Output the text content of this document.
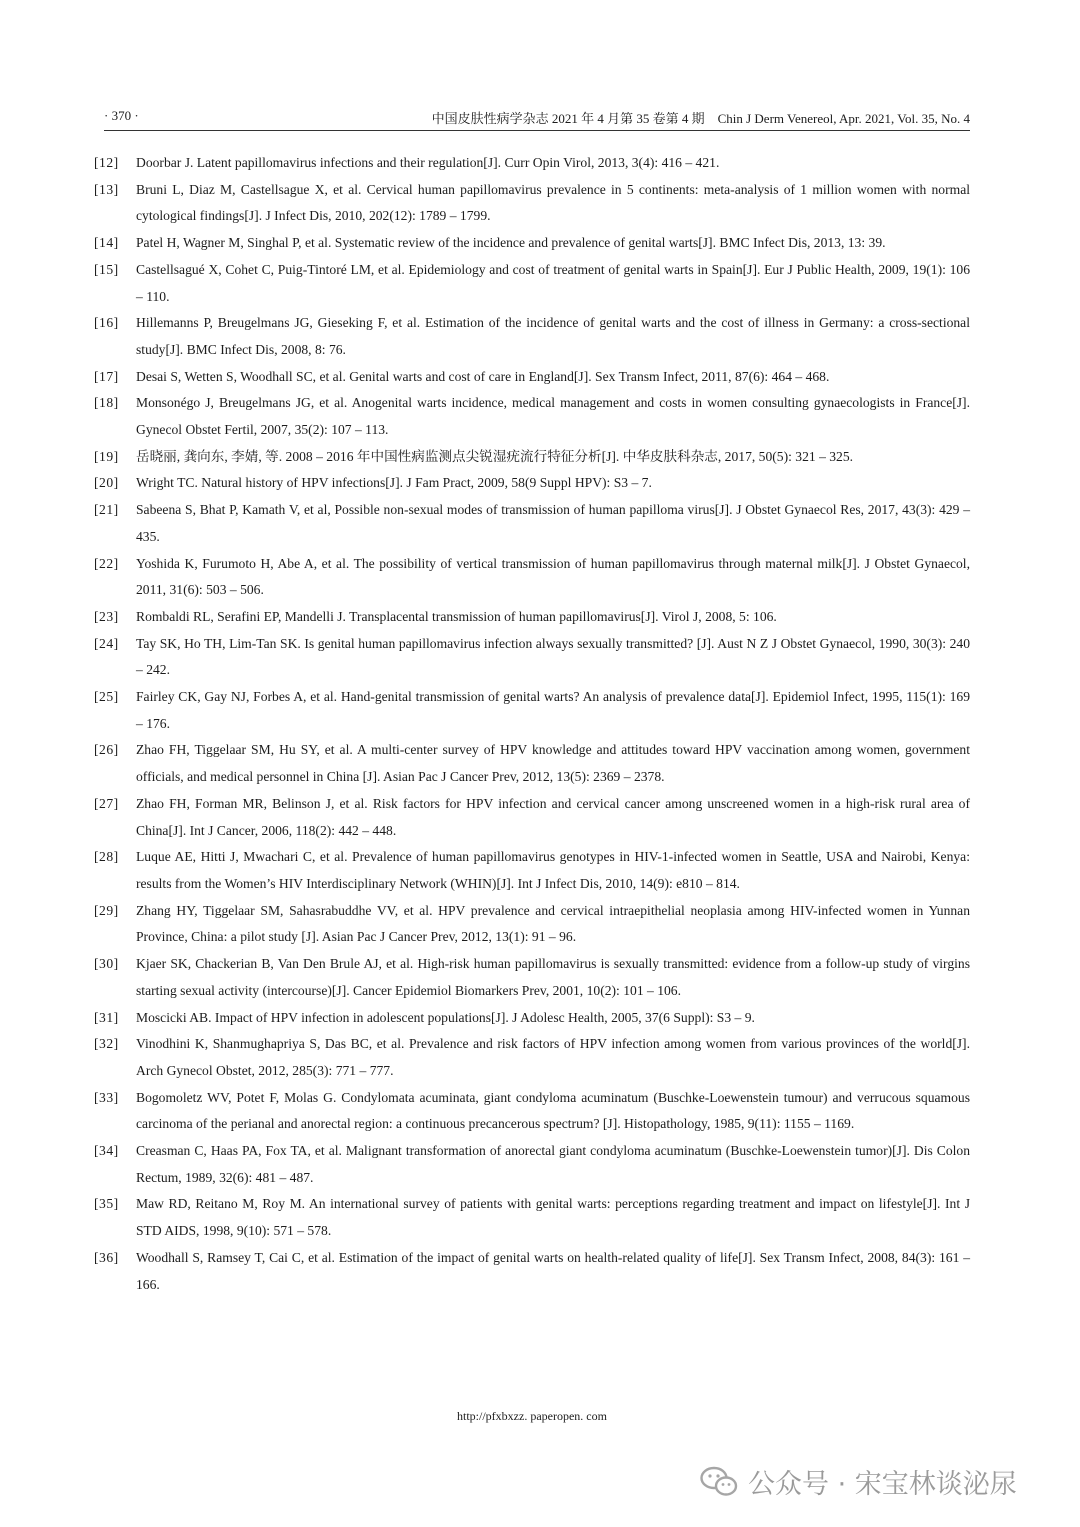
· 370 ·	中国皮肤性病学杂志 2021 年 4 月第 35 卷第 4 期　Chin J Derm Venereol, Apr. 2021, Vol. 35, No. 4
[12]	Doorbar J. Latent papillomavirus infections and their regulation[J]. Curr Opin Virol, 2013, 3(4): 416 – 421.
[13]	Bruni L, Diaz M, Castellsague X, et al. Cervical human papillomavirus prevalence in 5 continents: meta-analysis of 1 million women with normal cytological findings[J]. J Infect Dis, 2010, 202(12): 1789 – 1799.
[14]	Patel H, Wagner M, Singhal P, et al. Systematic review of the incidence and prevalence of genital warts[J]. BMC Infect Dis, 2013, 13: 39.
[15]	Castellsagué X, Cohet C, Puig-Tintoré LM, et al. Epidemiology and cost of treatment of genital warts in Spain[J]. Eur J Public Health, 2009, 19(1): 106 – 110.
[16]	Hillemanns P, Breugelmans JG, Gieseking F, et al. Estimation of the incidence of genital warts and the cost of illness in Germany: a cross-sectional study[J]. BMC Infect Dis, 2008, 8: 76.
[17]	Desai S, Wetten S, Woodhall SC, et al. Genital warts and cost of care in England[J]. Sex Transm Infect, 2011, 87(6): 464 – 468.
[18]	Monsonégo J, Breugelmans JG, et al. Anogenital warts incidence, medical management and costs in women consulting gynaecologists in France[J]. Gynecol Obstet Fertil, 2007, 35(2): 107 – 113.
[19]	岳晓丽, 龚向东, 李婧, 等. 2008 – 2016 年中国性病监测点尖锐湿疣流行特征分析[J]. 中华皮肤科杂志, 2017, 50(5): 321 – 325.
[20]	Wright TC. Natural history of HPV infections[J]. J Fam Pract, 2009, 58(9 Suppl HPV): S3 – 7.
[21]	Sabeena S, Bhat P, Kamath V, et al, Possible non-sexual modes of transmission of human papilloma virus[J]. J Obstet Gynaecol Res, 2017, 43(3): 429 – 435.
[22]	Yoshida K, Furumoto H, Abe A, et al. The possibility of vertical transmission of human papillomavirus through maternal milk[J]. J Obstet Gynaecol, 2011, 31(6): 503 – 506.
[23]	Rombaldi RL, Serafini EP, Mandelli J. Transplacental transmission of human papillomavirus[J]. Virol J, 2008, 5: 106.
[24]	Tay SK, Ho TH, Lim-Tan SK. Is genital human papillomavirus infection always sexually transmitted? [J]. Aust N Z J Obstet Gynaecol, 1990, 30(3): 240 – 242.
[25]	Fairley CK, Gay NJ, Forbes A, et al. Hand-genital transmission of genital warts? An analysis of prevalence data[J]. Epidemiol Infect, 1995, 115(1): 169 – 176.
[26]	Zhao FH, Tiggelaar SM, Hu SY, et al. A multi-center survey of HPV knowledge and attitudes toward HPV vaccination among women, government officials, and medical personnel in China [J]. Asian Pac J Cancer Prev, 2012, 13(5): 2369 – 2378.
[27]	Zhao FH, Forman MR, Belinson J, et al. Risk factors for HPV infection and cervical cancer among unscreened women in a high-risk rural area of China[J]. Int J Cancer, 2006, 118(2): 442 – 448.
[28]	Luque AE, Hitti J, Mwachari C, et al. Prevalence of human papillomavirus genotypes in HIV-1-infected women in Seattle, USA and Nairobi, Kenya: results from the Women’s HIV Interdisciplinary Network (WHIN)[J]. Int J Infect Dis, 2010, 14(9): e810 – 814.
[29]	Zhang HY, Tiggelaar SM, Sahasrabuddhe VV, et al. HPV prevalence and cervical intraepithelial neoplasia among HIV-infected women in Yunnan Province, China: a pilot study [J]. Asian Pac J Cancer Prev, 2012, 13(1): 91 – 96.
[30]	Kjaer SK, Chackerian B, Van Den Brule AJ, et al. High-risk human papillomavirus is sexually transmitted: evidence from a follow-up study of virgins starting sexual activity (intercourse)[J]. Cancer Epidemiol Biomarkers Prev, 2001, 10(2): 101 – 106.
[31]	Moscicki AB. Impact of HPV infection in adolescent populations[J]. J Adolesc Health, 2005, 37(6 Suppl): S3 – 9.
[32]	Vinodhini K, Shanmughapriya S, Das BC, et al. Prevalence and risk factors of HPV infection among women from various provinces of the world[J]. Arch Gynecol Obstet, 2012, 285(3): 771 – 777.
[33]	Bogomoletz WV, Potet F, Molas G. Condylomata acuminata, giant condyloma acuminatum (Buschke-Loewenstein tumour) and verrucous squamous carcinoma of the perianal and anorectal region: a continuous precancerous spectrum? [J]. Histopathology, 1985, 9(11): 1155 – 1169.
[34]	Creasman C, Haas PA, Fox TA, et al. Malignant transformation of anorectal giant condyloma acuminatum (Buschke-Loewenstein tumor)[J]. Dis Colon Rectum, 1989, 32(6): 481 – 487.
[35]	Maw RD, Reitano M, Roy M. An international survey of patients with genital warts: perceptions regarding treatment and impact on lifestyle[J]. Int J STD AIDS, 1998, 9(10): 571 – 578.
[36]	Woodhall S, Ramsey T, Cai C, et al. Estimation of the impact of genital warts on health-related quality of life[J]. Sex Transm Infect, 2008, 84(3): 161 – 166.
http://pfxbxzz. paperopen. com
公众号 · 宋宝林谈泌尿
